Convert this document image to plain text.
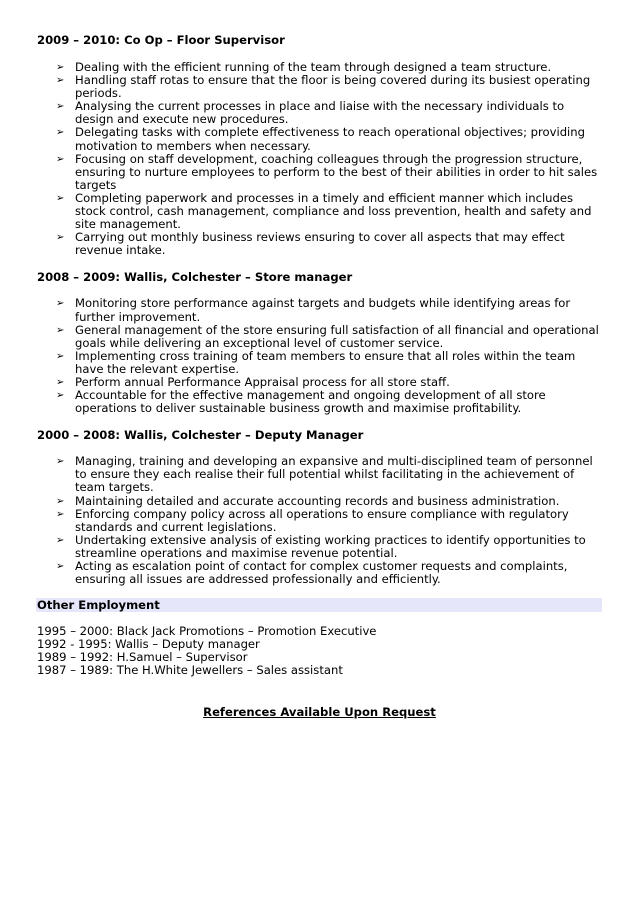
2009 – 2010: Co Op – Floor Supervisor
➢ Dealing with the efficient running of the team through designed a team structure.
➢ Handling staff rotas to ensure that the floor is being covered during its busiest operating periods.
➢ Analysing the current processes in place and liaise with the necessary individuals to design and execute new procedures.
➢ Delegating tasks with complete effectiveness to reach operational objectives; providing motivation to members when necessary.
➢ Focusing on staff development, coaching colleagues through the progression structure, ensuring to nurture employees to perform to the best of their abilities in order to hit sales targets
➢ Completing paperwork and processes in a timely and efficient manner which includes stock control, cash management, compliance and loss prevention, health and safety and site management.
➢ Carrying out monthly business reviews ensuring to cover all aspects that may effect revenue intake.
2008 – 2009: Wallis, Colchester – Store manager
➢ Monitoring store performance against targets and budgets while identifying areas for further improvement.
➢ General management of the store ensuring full satisfaction of all financial and operational goals while delivering an exceptional level of customer service.
➢ Implementing cross training of team members to ensure that all roles within the team have the relevant expertise.
➢ Perform annual Performance Appraisal process for all store staff.
➢ Accountable for the effective management and ongoing development of all store operations to deliver sustainable business growth and maximise profitability.
2000 – 2008: Wallis, Colchester – Deputy Manager
➢ Managing, training and developing an expansive and multi-disciplined team of personnel to ensure they each realise their full potential whilst facilitating in the achievement of team targets.
➢ Maintaining detailed and accurate accounting records and business administration.
➢ Enforcing company policy across all operations to ensure compliance with regulatory standards and current legislations.
➢ Undertaking extensive analysis of existing working practices to identify opportunities to streamline operations and maximise revenue potential.
➢ Acting as escalation point of contact for complex customer requests and complaints, ensuring all issues are addressed professionally and efficiently.
Other Employment
1995 – 2000: Black Jack Promotions – Promotion Executive
1992 - 1995: Wallis – Deputy manager
1989 – 1992: H.Samuel – Supervisor
1987 – 1989: The H.White Jewellers – Sales assistant
References Available Upon Request
